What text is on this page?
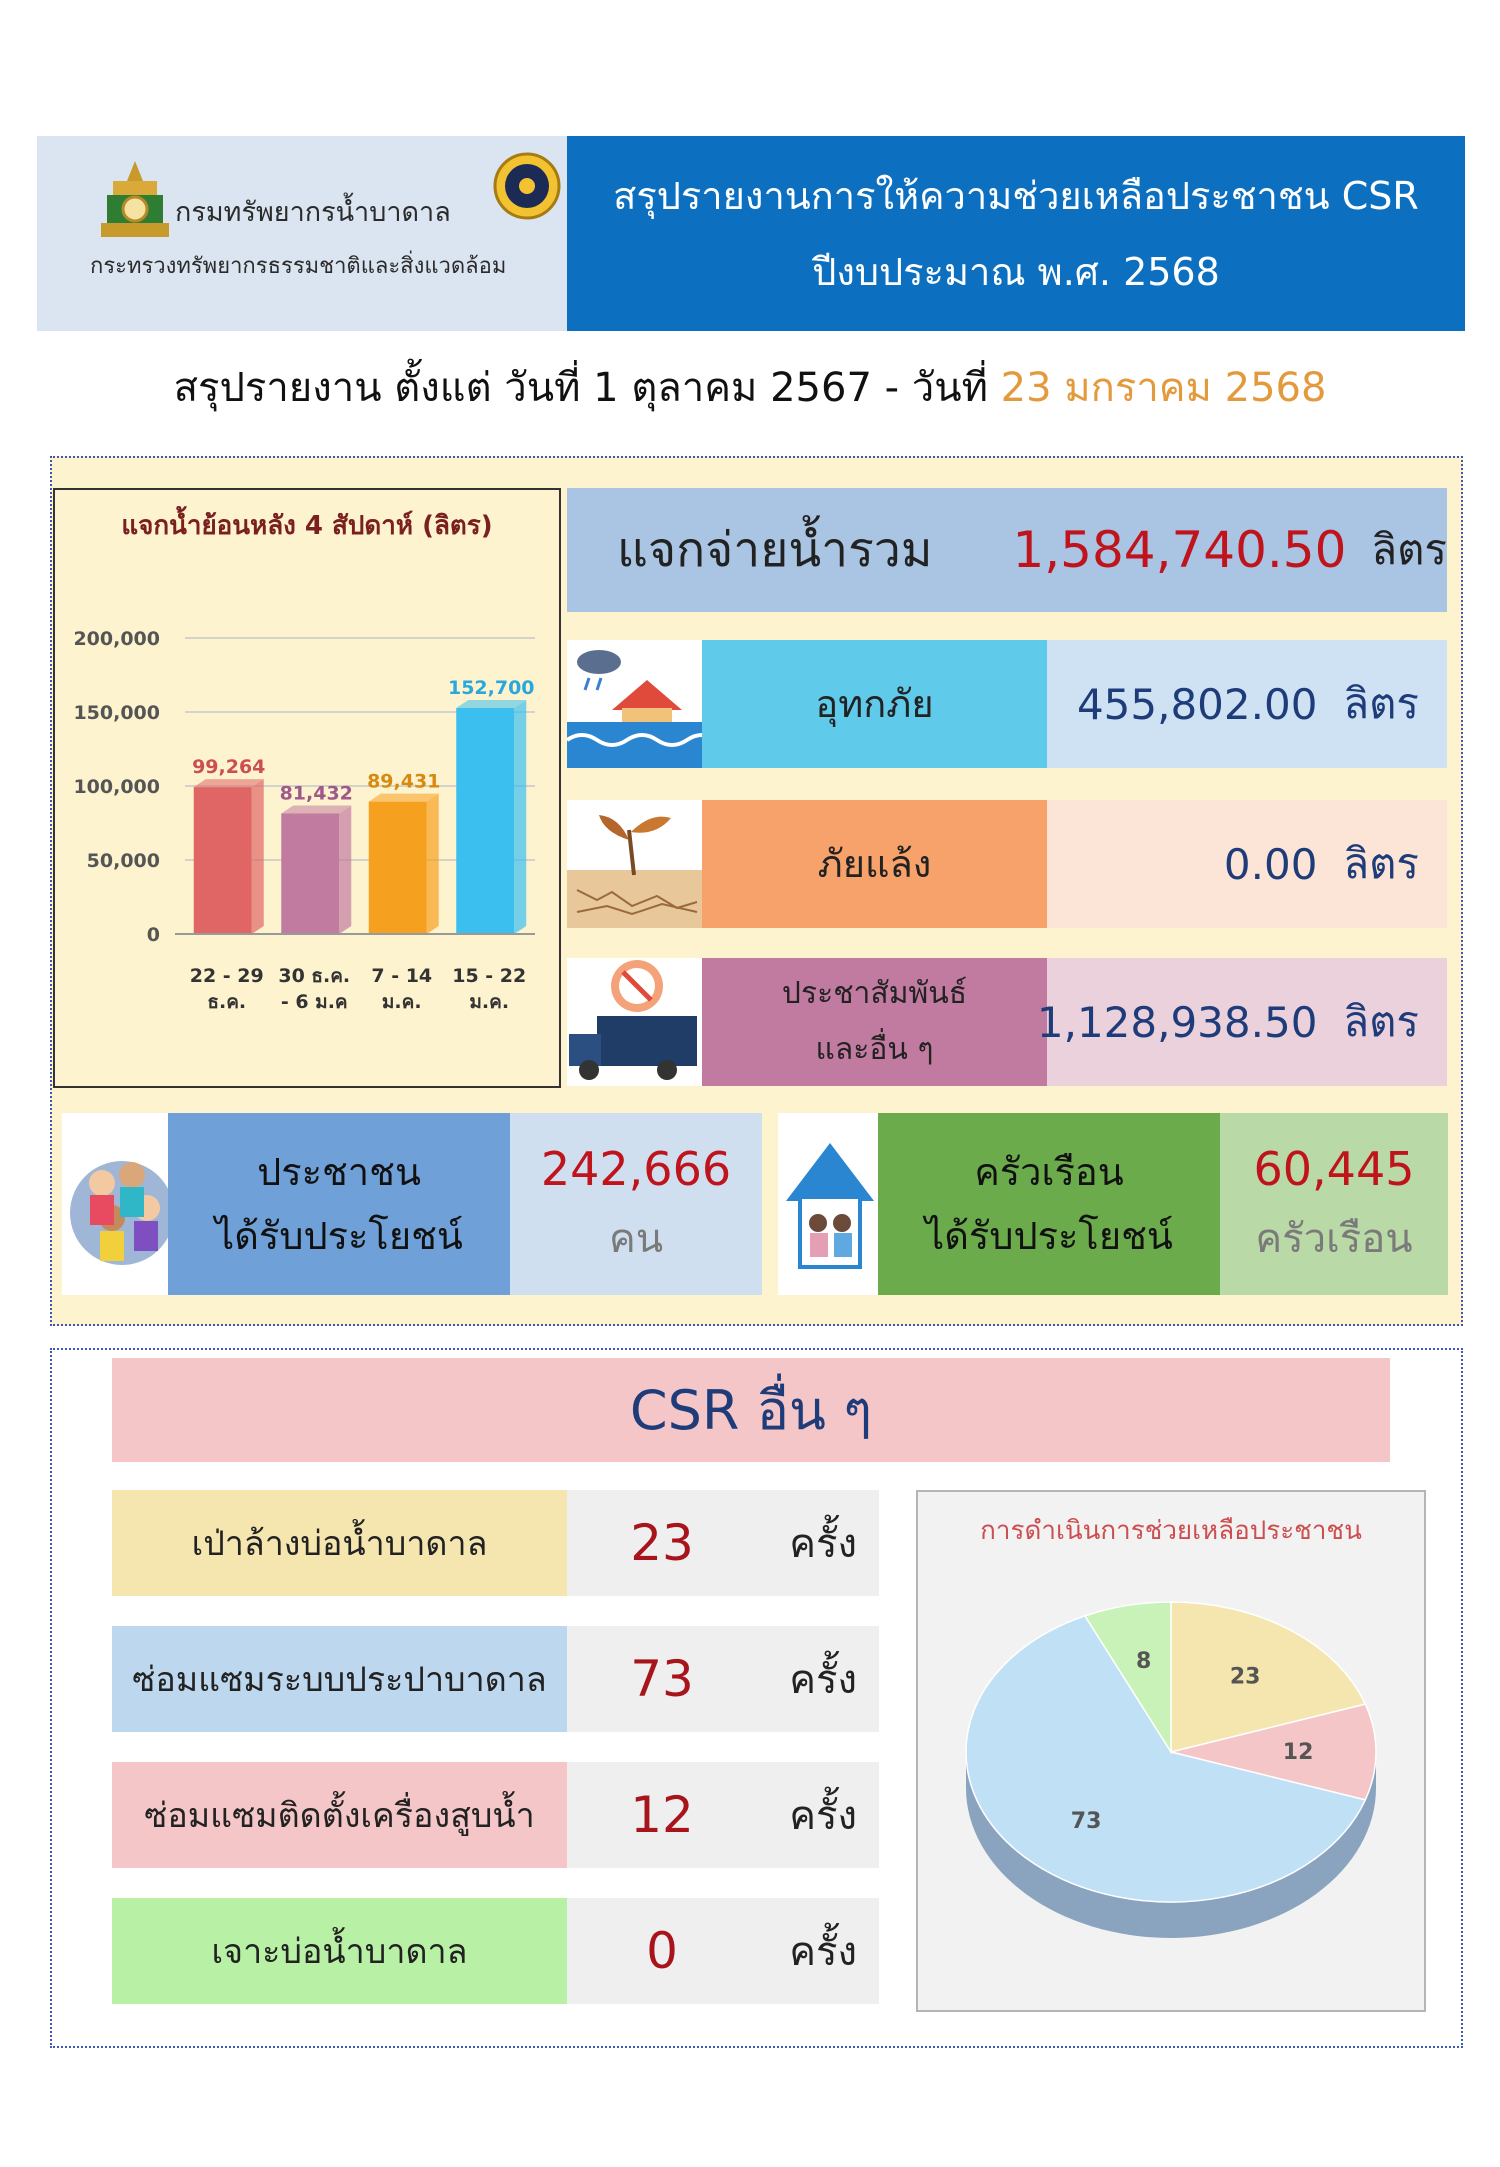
กรมทรัพยากรน้ำบาดาล
กระทรวงทรัพยากรธรรมชาติและสิ่งแวดล้อม
สรุปรายงานการให้ความช่วยเหลือประชาชน CSR
ปีงบประมาณ พ.ศ. 2568
สรุปรายงาน ตั้งแต่ วันที่ 1 ตุลาคม 2567 - วันที่ 23 มกราคม 2568
แจกน้ำย้อนหลัง 4 สัปดาห์ (ลิตร)
200,000
150,000
100,000
50,000
0
99,264
22 - 29
ธ.ค.
81,432
30 ธ.ค.
- 6 ม.ค
89,431
7 - 14
ม.ค.
152,700
15 - 22
ม.ค.
แจกจ่ายน้ำรวม	1,584,740.50 ลิตร
อุทกภัย	455,802.00 ลิตร
ภัยแล้ง	0.00 ลิตร
ประชาสัมพันธ์
และอื่น ๆ
1,128,938.50 ลิตร
ประชาชน
ได้รับประโยชน์
242,666
คน
ครัวเรือน
ได้รับประโยชน์
60,445
ครัวเรือน
CSR อื่น ๆ
เป่าล้างบ่อน้ำบาดาล	23	ครั้ง
ซ่อมแซมระบบประปาบาดาล	73	ครั้ง
ซ่อมแซมติดตั้งเครื่องสูบน้ำ	12	ครั้ง
เจาะบ่อน้ำบาดาล	0	ครั้ง
23
12
73
8
การดำเนินการช่วยเหลือประชาชน
